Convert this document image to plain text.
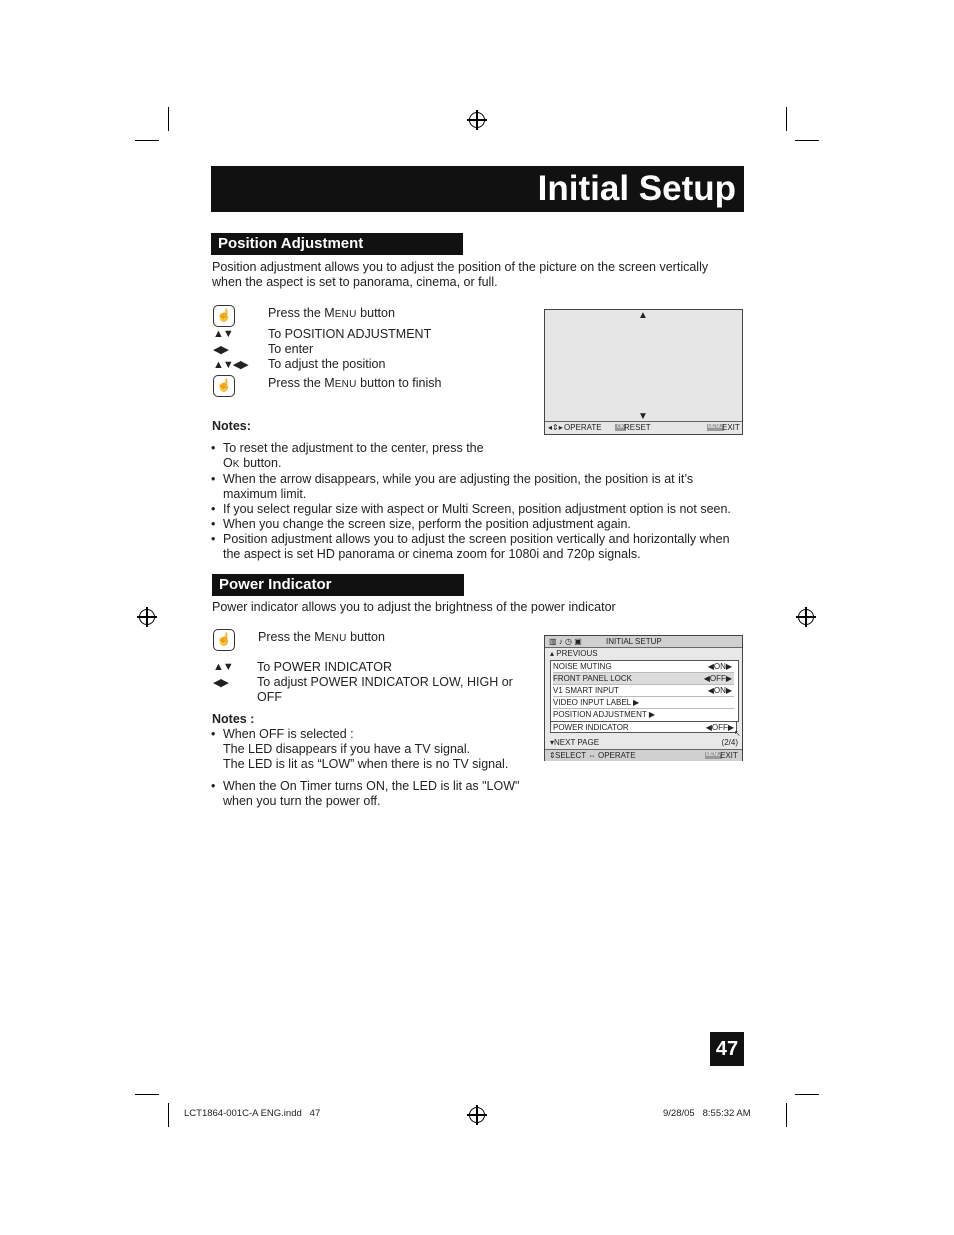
Initial Setup
Position Adjustment
Position adjustment allows you to adjust the position of the picture on the screen vertically
when the aspect is set to panorama, cinema, or full.
☝	Press the MENU button
▲▼	To POSITION ADJUSTMENT
◀▶	To enter
▲▼◀▶ To adjust the position
☝	Press the MENU button to finish
▲
▼
◂⇕▸ OPERATE	OK RESET	MENU EXIT
Notes:
• To reset the adjustment to the center, press the
OK button.
• When the arrow disappears, while you are adjusting the position, the position is at it’s
maximum limit.
• If you select regular size with aspect or Multi Screen, position adjustment option is not seen.
• When you change the screen size, perform the position adjustment again.
• Position adjustment allows you to adjust the screen position vertically and horizontally when
the aspect is set HD panorama or cinema zoom for 1080i and 720p signals.
Power Indicator
Power indicator allows you to adjust the brightness of the power indicator
☝ Press the MENU button
▲▼ To POWER INDICATOR
◀▶ To adjust POWER INDICATOR LOW, HIGH or
OFF
Notes :
• When OFF is selected :
The LED disappears if you have a TV signal.
The LED is lit as “LOW” when there is no TV signal.
• When the On Timer turns ON, the LED is lit as "LOW"
when you turn the power off.
▥ ♪ ◷ ▣	INITIAL SETUP
▴ PREVIOUS
NOISE MUTING	◀ON▶
FRONT PANEL LOCK	◀OFF▶
V1 SMART INPUT	◀ON▶
VIDEO INPUT LABEL ▶
POSITION ADJUSTMENT ▶
POWER INDICATOR	◀OFF▶
↖
▾NEXT PAGE	(2/4)
⇕ SELECT ⇔ OPERATE	MENU EXIT
47
LCT1864-001C-A ENG.indd   47	9/28/05   8:55:32 AM
